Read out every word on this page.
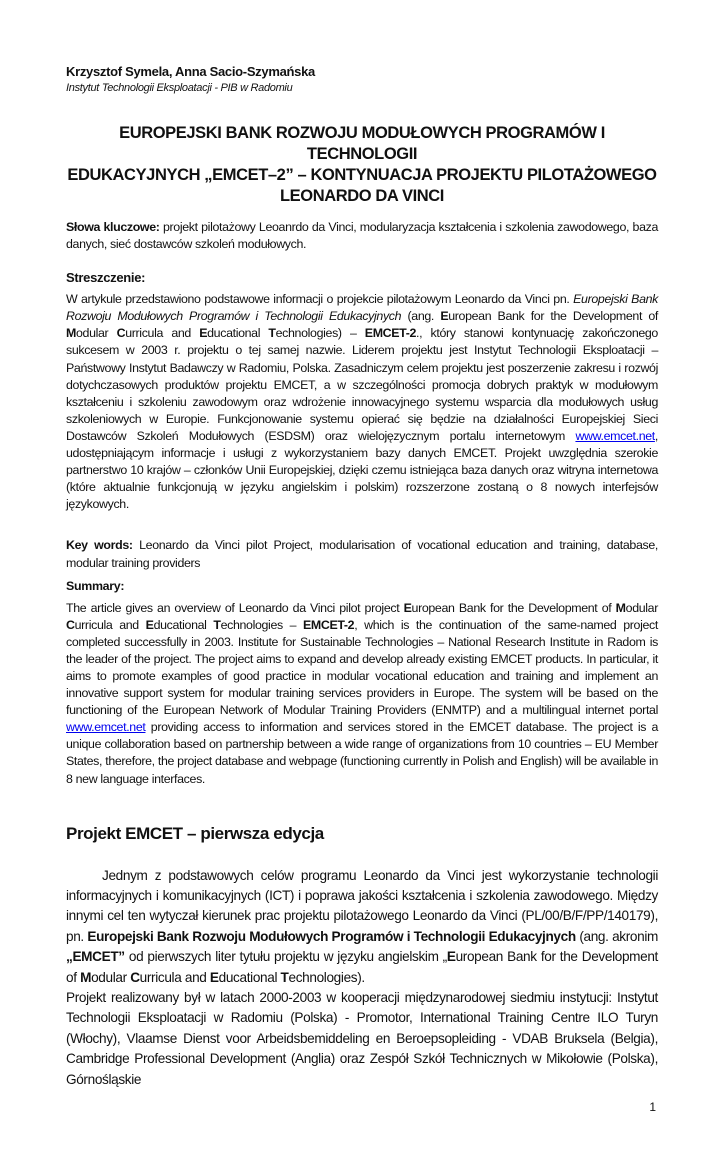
Krzysztof Symela, Anna Sacio-Szymańska
Instytut Technologii Eksploatacji - PIB w Radomiu
EUROPEJSKI BANK ROZWOJU MODUŁOWYCH PROGRAMÓW I TECHNOLOGII
EDUKACYJNYCH „EMCET–2” – KONTYNUACJA PROJEKTU PILOTAŻOWEGO
LEONARDO DA VINCI
Słowa kluczowe: projekt pilotażowy Leoanrdo da Vinci, modularyzacja kształcenia i szkolenia zawodowego, baza danych, sieć dostawców szkoleń modułowych.
Streszczenie:
W artykule przedstawiono podstawowe informacji o projekcie pilotażowym Leonardo da Vinci pn. Europejski Bank Rozwoju Modułowych Programów i Technologii Edukacyjnych (ang. European Bank for the Development of Modular Curricula and Educational Technologies) – EMCET-2., który stanowi kontynuację zakończonego sukcesem w 2003 r. projektu o tej samej nazwie. Liderem projektu jest Instytut Technologii Eksploatacji – Państwowy Instytut Badawczy w Radomiu, Polska. Zasadniczym celem projektu jest poszerzenie zakresu i rozwój dotychczasowych produktów projektu EMCET, a w szczególności promocja dobrych praktyk w modułowym kształceniu i szkoleniu zawodowym oraz wdrożenie innowacyjnego systemu wsparcia dla modułowych usług szkoleniowych w Europie. Funkcjonowanie systemu opierać się będzie na działalności Europejskiej Sieci Dostawców Szkoleń Modułowych (ESDSM) oraz wielojęzycznym portalu internetowym www.emcet.net, udostępniającym informacje i usługi z wykorzystaniem bazy danych EMCET. Projekt uwzględnia szerokie partnerstwo 10 krajów – członków Unii Europejskiej, dzięki czemu istniejąca baza danych oraz witryna internetowa (które aktualnie funkcjonują w języku angielskim i polskim) rozszerzone zostaną o 8 nowych interfejsów językowych.
Key words: Leonardo da Vinci pilot Project, modularisation of vocational education and training, database, modular training providers
Summary:
The article gives an overview of Leonardo da Vinci pilot project European Bank for the Development of Modular Curricula and Educational Technologies – EMCET-2, which is the continuation of the same-named project completed successfully in 2003. Institute for Sustainable Technologies – National Research Institute in Radom is the leader of the project. The project aims to expand and develop already existing EMCET products. In particular, it aims to promote examples of good practice in modular vocational education and training and implement an innovative support system for modular training services providers in Europe. The system will be based on the functioning of the European Network of Modular Training Providers (ENMTP) and a multilingual internet portal www.emcet.net providing access to information and services stored in the EMCET database. The project is a unique collaboration based on partnership between a wide range of organizations from 10 countries – EU Member States, therefore, the project database and webpage (functioning currently in Polish and English) will be available in 8 new language interfaces.
Projekt EMCET – pierwsza edycja
Jednym z podstawowych celów programu Leonardo da Vinci jest wykorzystanie technologii informacyjnych i komunikacyjnych (ICT) i poprawa jakości kształcenia i szkolenia zawodowego. Między innymi cel ten wytyczał kierunek prac projektu pilotażowego Leonardo da Vinci (PL/00/B/F/PP/140179), pn. Europejski Bank Rozwoju Modułowych Programów i Technologii Edukacyjnych (ang. akronim „EMCET” od pierwszych liter tytułu projektu w języku angielskim „European Bank for the Development of Modular Curricula and Educational Technologies).
Projekt realizowany był w latach 2000-2003 w kooperacji międzynarodowej siedmiu instytucji: Instytut Technologii Eksploatacji w Radomiu (Polska) - Promotor, International Training Centre ILO Turyn (Włochy), Vlaamse Dienst voor Arbeidsbemiddeling en Beroepsopleiding - VDAB Bruksela (Belgia), Cambridge Professional Development (Anglia) oraz Zespół Szkół Technicznych w Mikołowie (Polska), Górnośląskie
1
